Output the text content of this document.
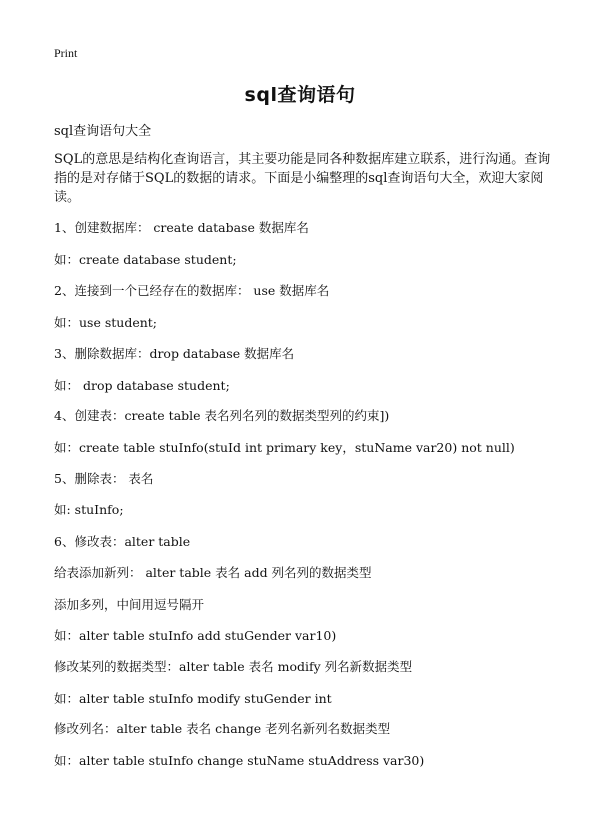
Print
sql查询语句
sql查询语句大全
SQL的意思是结构化查询语言，其主要功能是同各种数据库建立联系，进行沟通。查询指的是对存储于SQL的数据的请求。下面是小编整理的sql查询语句大全，欢迎大家阅读。
1、创建数据库： create database 数据库名
如：create database student;
2、连接到一个已经存在的数据库： use 数据库名
如：use student;
3、删除数据库：drop database 数据库名
如： drop database student;
4、创建表：create table 表名列名列的数据类型列的约束])
如：create table stuInfo(stuId int primary key，stuName var20) not null)
5、删除表： 表名
如: stuInfo;
6、修改表：alter table
给表添加新列： alter table 表名 add 列名列的数据类型
添加多列，中间用逗号隔开
如：alter table stuInfo add stuGender var10)
修改某列的数据类型：alter table 表名 modify 列名新数据类型
如：alter table stuInfo modify stuGender int
修改列名：alter table 表名 change 老列名新列名数据类型
如：alter table stuInfo change stuName stuAddress var30)
